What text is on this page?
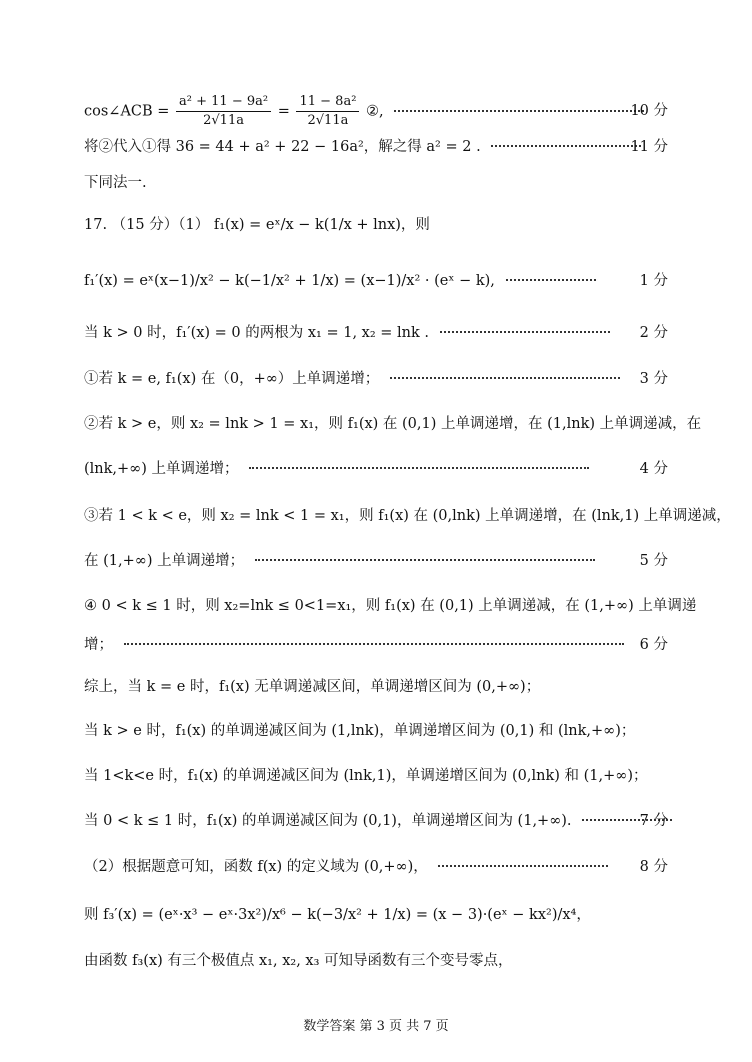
cos∠ACB = $\frac{\text{a² + 11 − 9a²}}{2√11a} = \frac{\text{11 − 8a²}}{2√11a}$ ②,	10 分
将②代入①得 36 = 44 + a² + 22 − 16a²，解之得 a² = 2 .	11 分
下同法一.
17. （15 分）（1） f₁(x) = eˣ/x − k(1/x + lnx)，则
f₁′(x) = eˣ(x−1)/x² − k(−1/x² + 1/x) = (x−1)/x² · (eˣ − k),	1 分
当 k > 0 时，f₁′(x) = 0 的两根为 x₁ = 1, x₂ = lnk .	2 分
①若 k = e, f₁(x) 在（0，+∞）上单调递增；	3 分
②若 k > e，则 x₂ = lnk > 1 = x₁，则 f₁(x) 在 (0,1) 上单调递增，在 (1,lnk) 上单调递减，在
(lnk,+∞) 上单调递增；	4 分
③若 1 < k < e，则 x₂ = lnk < 1 = x₁，则 f₁(x) 在 (0,lnk) 上单调递增，在 (lnk,1) 上单调递减，
在 (1,+∞) 上单调递增；	5 分
④ 0 < k ≤ 1 时，则 x₂=lnk ≤ 0<1=x₁，则 f₁(x) 在 (0,1) 上单调递减，在 (1,+∞) 上单调递
增；	6 分
综上，当 k = e 时，f₁(x) 无单调递减区间，单调递增区间为 (0,+∞)；
当 k > e 时，f₁(x) 的单调递减区间为 (1,lnk)，单调递增区间为 (0,1) 和 (lnk,+∞)；
当 1<k<e 时，f₁(x) 的单调递减区间为 (lnk,1)，单调递增区间为 (0,lnk) 和 (1,+∞)；
当 0 < k ≤ 1 时，f₁(x) 的单调递减区间为 (0,1)，单调递增区间为 (1,+∞).	7 分
（2）根据题意可知，函数 f(x) 的定义域为 (0,+∞)，	8 分
则 f₃′(x) = (eˣ·x³ − eˣ·3x²)/x⁶ − k(−3/x² + 1/x) = (x − 3)·(eˣ − kx²)/x⁴，
由函数 f₃(x) 有三个极值点 x₁, x₂, x₃ 可知导函数有三个变号零点，
数学答案 第 3 页 共 7 页
